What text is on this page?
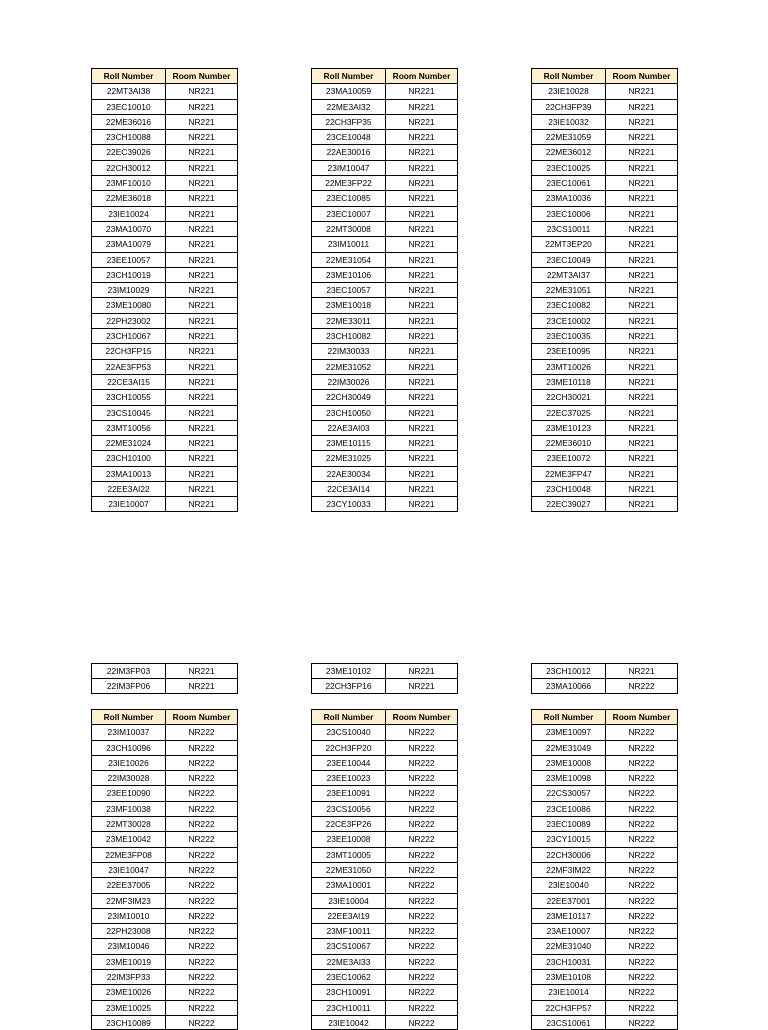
Roll Number	Room Number
22MT3AI38	NR221
23EC10010	NR221
22ME36016	NR221
23CH10088	NR221
22EC39026	NR221
22CH30012	NR221
23MF10010	NR221
22ME36018	NR221
23IE10024	NR221
23MA10070	NR221
23MA10079	NR221
23EE10057	NR221
23CH10019	NR221
23IM10029	NR221
23ME10080	NR221
22PH23002	NR221
23CH10067	NR221
22CH3FP15	NR221
22AE3FP53	NR221
22CE3AI15	NR221
23CH10055	NR221
23CS10045	NR221
23MT10056	NR221
22ME31024	NR221
23CH10100	NR221
23MA10013	NR221
22EE3AI22	NR221
23IE10007	NR221
22IM3FP03	NR221
22IM3FP06	NR221
Roll Number	Room Number
23IM10037	NR222
23CH10096	NR222
23IE10026	NR222
22IM30028	NR222
23EE10090	NR222
23MF10038	NR222
22MT30028	NR222
23ME10042	NR222
22ME3FP08	NR222
23IE10047	NR222
22EE37005	NR222
22MF3IM23	NR222
23IM10010	NR222
22PH23008	NR222
23IM10046	NR222
23ME10019	NR222
22IM3FP33	NR222
23ME10026	NR222
23ME10025	NR222
23CH10089	NR222
Roll Number	Room Number
23MA10059	NR221
22ME3AI32	NR221
22CH3FP35	NR221
23CE10048	NR221
22AE30016	NR221
23IM10047	NR221
22ME3FP22	NR221
23EC10085	NR221
23EC10007	NR221
22MT30008	NR221
23IM10011	NR221
22ME31054	NR221
23ME10106	NR221
23EC10057	NR221
23ME10018	NR221
22ME33011	NR221
23CH10082	NR221
22IM30033	NR221
22ME31052	NR221
22IM30026	NR221
22CH30049	NR221
23CH10050	NR221
22AE3AI03	NR221
23ME10115	NR221
22ME31025	NR221
22AE30034	NR221
22CE3AI14	NR221
23CY10033	NR221
23ME10102	NR221
22CH3FP16	NR221
Roll Number	Room Number
23CS10040	NR222
22CH3FP20	NR222
23EE10044	NR222
23EE10023	NR222
23EE10091	NR222
23CS10056	NR222
22CE3FP26	NR222
23EE10008	NR222
23MT10005	NR222
22ME31050	NR222
23MA10001	NR222
23IE10004	NR222
22EE3AI19	NR222
23MF10011	NR222
23CS10067	NR222
22ME3AI33	NR222
23EC10062	NR222
23CH10091	NR222
23CH10011	NR222
23IE10042	NR222
Roll Number	Room Number
23IE10028	NR221
22CH3FP39	NR221
23IE10032	NR221
22ME31059	NR221
22ME36012	NR221
23EC10025	NR221
23EC10061	NR221
23MA10036	NR221
23EC10006	NR221
23CS10011	NR221
22MT3EP20	NR221
23EC10049	NR221
22MT3AI37	NR221
22ME31051	NR221
23EC10082	NR221
23CE10002	NR221
23EC10035	NR221
23EE10095	NR221
23MT10026	NR221
23ME10118	NR221
22CH30021	NR221
22EC37025	NR221
23ME10123	NR221
22ME36010	NR221
23EE10072	NR221
22ME3FP47	NR221
23CH10048	NR221
22EC39027	NR221
23CH10012	NR221
23MA10066	NR222
Roll Number	Room Number
23ME10097	NR222
22ME31049	NR222
23ME10008	NR222
23ME10098	NR222
22CS30057	NR222
23CE10086	NR222
23EC10089	NR222
23CY10015	NR222
22CH30006	NR222
22MF3IM22	NR222
23IE10040	NR222
22EE37001	NR222
23ME10117	NR222
23AE10007	NR222
22ME31040	NR222
23CH10031	NR222
23ME10108	NR222
23IE10014	NR222
22CH3FP57	NR222
23CS10061	NR222
